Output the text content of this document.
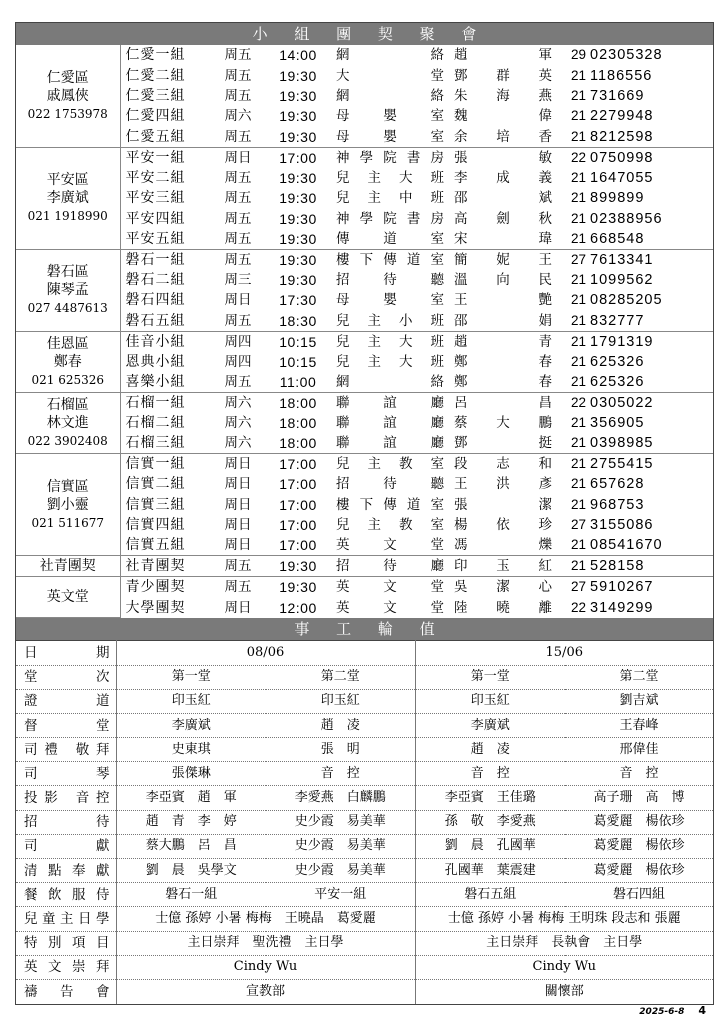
小 組 團 契 聚 會
仁愛區
戚鳳俠
022 1753978	仁愛一組	周五	14:00	網絡	趙軍	29	02305328
	仁愛二組	周五	19:30	大堂	鄧群英	21	1186556
	仁愛三組	周五	19:30	網絡	朱海燕	21	731669
	仁愛四組	周六	19:30	母嬰室	魏偉	21	2279948
	仁愛五組	周五	19:30	母嬰室	余培香	21	8212598

平安區
李廣斌
021 1918990	平安一組	周日	17:00	神學院書房	張敏	22	0750998
	平安二組	周五	19:30	兒主大班	李成義	21	1647055
	平安三組	周五	19:30	兒主中班	邵斌	21	899899
	平安四組	周五	19:30	神學院書房	高劍秋	21	02388956
	平安五組	周五	19:30	傳道室	宋瑋	21	668548

磐石區
陳琴孟
027 4487613	磐石一組	周五	19:30	樓下傳道室	簡妮王	27	7613341
	磐石二組	周三	19:30	招待聽	溫向民	21	1099562
	磐石四組	周日	17:30	母嬰室	王艷	21	08285205
	磐石五組	周五	18:30	兒主小班	邵娟	21	832777

佳恩區
鄭春
021 625326	佳音小組	周四	10:15	兒主大班	趙青	21	1791319
	恩典小組	周四	10:15	兒主大班	鄭春	21	625326
	喜樂小組	周五	11:00	網絡	鄭春	21	625326

石榴區
林文進
022 3902408	石榴一組	周六	18:00	聯誼廳	呂昌	22	0305022
	石榴二組	周六	18:00	聯誼廳	蔡大鵬	21	356905
	石榴三組	周六	18:00	聯誼廳	鄧挺	21	0398985

信實區
劉小靈
021 511677	信實一組	周日	17:00	兒主教室	段志和	21	2755415
	信實二組	周日	17:00	招待聽	王洪彥	21	657628
	信實三組	周日	17:00	樓下傳道室	張潔	21	968753
	信實四組	周日	17:00	兒主教室	楊依珍	27	3155086
	信實五組	周日	17:00	英文堂	馮爍	21	08541670

社青團契	社青團契	周五	19:30	招待廳	印玉紅	21	528158

英文堂	青少團契	周五	19:30	英文堂	吳潔心	27	5910267
	大學團契	周日	12:00	英文堂	陸曉離	22	3149299
事 工 輪 值
日期	08/06		15/06	
堂次	第一堂	第二堂	第一堂	第二堂
證道	印玉紅	印玉紅	印玉紅	劉吉斌
督堂	李廣斌	趙　凌	李廣斌	王春峰
司禮 敬拜	史東琪	張　明	趙　凌	邢偉佳
司琴	張傑琳	音　控	音　控	音　控
投影 音控	李亞賓　趙　軍	李愛燕　白麟鵬	李亞賓　王佳璐	高子珊　高　博
招待	趙　青　李　婷	史少霞　易美華	孫　敬　李愛燕	葛愛麗　楊依珍
司獻	蔡大鵬　呂　昌	史少霞　易美華	劉　晨　孔國華	葛愛麗　楊依珍
清點奉獻	劉　晨　吳學文	史少霞　易美華	孔國華　葉震建	葛愛麗　楊依珍
餐飲服侍	磐石一組	平安一組	磐石五組	磐石四組
兒童主日學	士億 孫婷 小暑 梅梅　王曉晶　葛愛麗		士億 孫婷 小暑 梅梅 王明珠 段志和 張麗	
特別項目	主日崇拜　聖洗禮　主日學		主日崇拜　長執會　主日學	
英文崇拜	Cindy Wu		Cindy Wu	
禱告會	宣教部		關懷部	
2025-6-8 4
